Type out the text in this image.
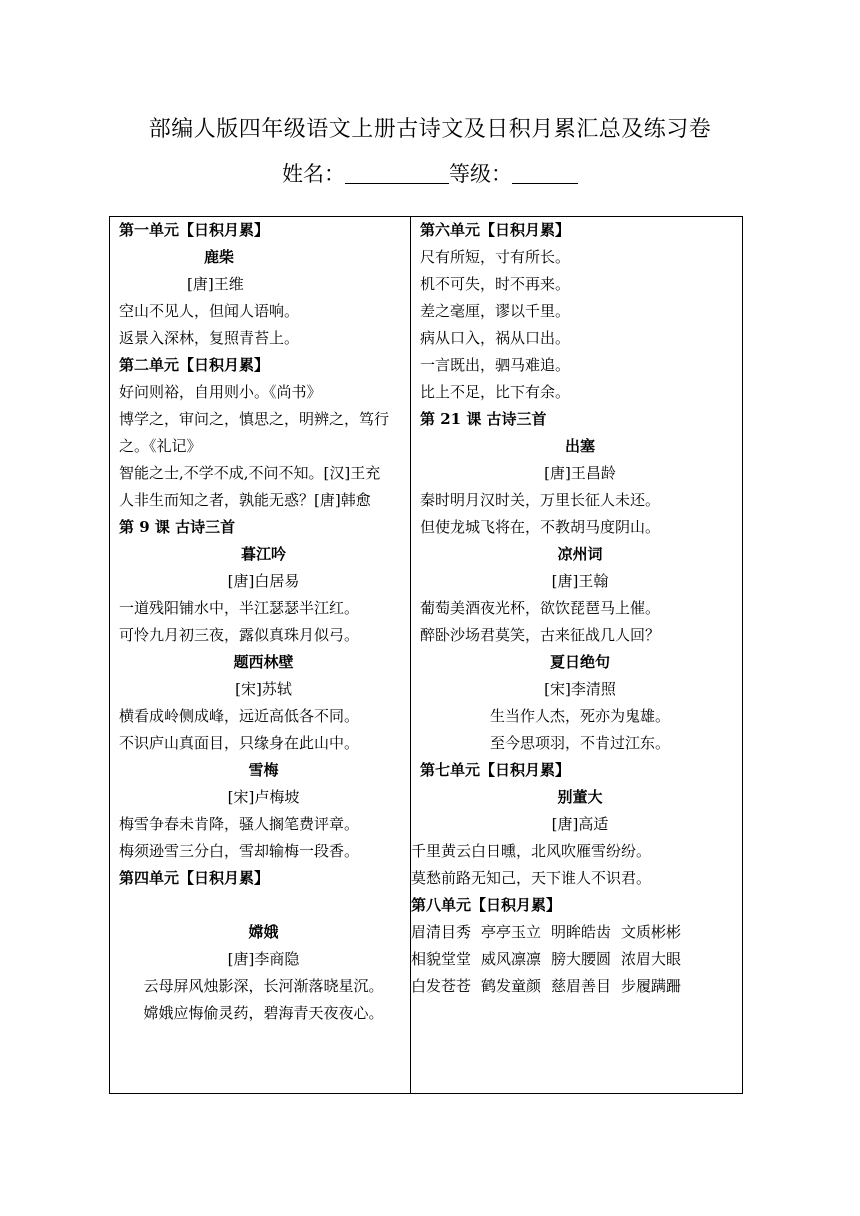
部编人版四年级语文上册古诗文及日积月累汇总及练习卷
姓名：	等级：
第一单元【日积月累】
鹿柴
[唐]王维
空山不见人，但闻人语响。
返景入深林，复照青苔上。
第二单元【日积月累】
好问则裕，自用则小。《尚书》
博学之，审问之，慎思之，明辨之，笃行之。《礼记》
智能之士,不学不成,不问不知。[汉]王充
人非生而知之者，孰能无惑？[唐]韩愈
第 9 课 古诗三首
暮江吟
[唐]白居易
一道残阳铺水中，半江瑟瑟半江红。
可怜九月初三夜，露似真珠月似弓。
题西林壁
[宋]苏轼
横看成岭侧成峰，远近高低各不同。
不识庐山真面目，只缘身在此山中。
雪梅
[宋]卢梅坡
梅雪争春未肯降，骚人搁笔费评章。
梅须逊雪三分白，雪却输梅一段香。
第四单元【日积月累】
嫦娥
[唐]李商隐
云母屏风烛影深，长河渐落晓星沉。
嫦娥应悔偷灵药，碧海青天夜夜心。
第六单元【日积月累】
尺有所短，寸有所长。
机不可失，时不再来。
差之毫厘，谬以千里。
病从口入，祸从口出。
一言既出，驷马难追。
比上不足，比下有余。
第 21 课 古诗三首
出塞
[唐]王昌龄
秦时明月汉时关，万里长征人未还。
但使龙城飞将在，不教胡马度阴山。
凉州词
[唐]王翰
葡萄美酒夜光杯，欲饮琵琶马上催。
醉卧沙场君莫笑，古来征战几人回？
夏日绝句
[宋]李清照
生当作人杰，死亦为鬼雄。
至今思项羽，不肯过江东。
第七单元【日积月累】
别董大
[唐]高适
千里黄云白日曛，北风吹雁雪纷纷。
莫愁前路无知己，天下谁人不识君。
第八单元【日积月累】
眉清目秀 亭亭玉立 明眸皓齿 文质彬彬
相貌堂堂 威风凛凛 膀大腰圆 浓眉大眼
白发苍苍 鹤发童颜 慈眉善目 步履蹒跚
